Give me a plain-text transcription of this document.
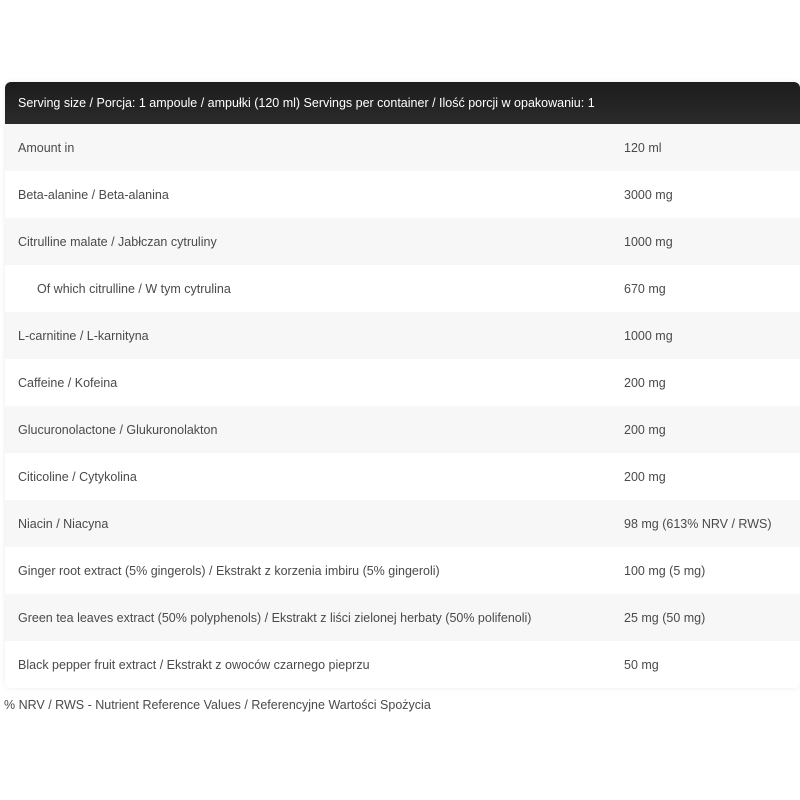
Serving size / Porcja: 1 ampoule / ampułki (120 ml) Servings per container / Ilość porcji w opakowaniu: 1
Amount in	120 ml
Beta-alanine / Beta-alanina	3000 mg
Citrulline malate / Jabłczan cytruliny	1000 mg
Of which citrulline / W tym cytrulina	670 mg
L-carnitine / L-karnityna	1000 mg
Caffeine / Kofeina	200 mg
Glucuronolactone / Glukuronolakton	200 mg
Citicoline / Cytykolina	200 mg
Niacin / Niacyna	98 mg (613% NRV / RWS)
Ginger root extract (5% gingerols) / Ekstrakt z korzenia imbiru (5% gingeroli)	100 mg (5 mg)
Green tea leaves extract (50% polyphenols) / Ekstrakt z liści zielonej herbaty (50% polifenoli)	25 mg (50 mg)
Black pepper fruit extract / Ekstrakt z owoców czarnego pieprzu	50 mg
% NRV / RWS - Nutrient Reference Values / Referencyjne Wartości Spożycia
